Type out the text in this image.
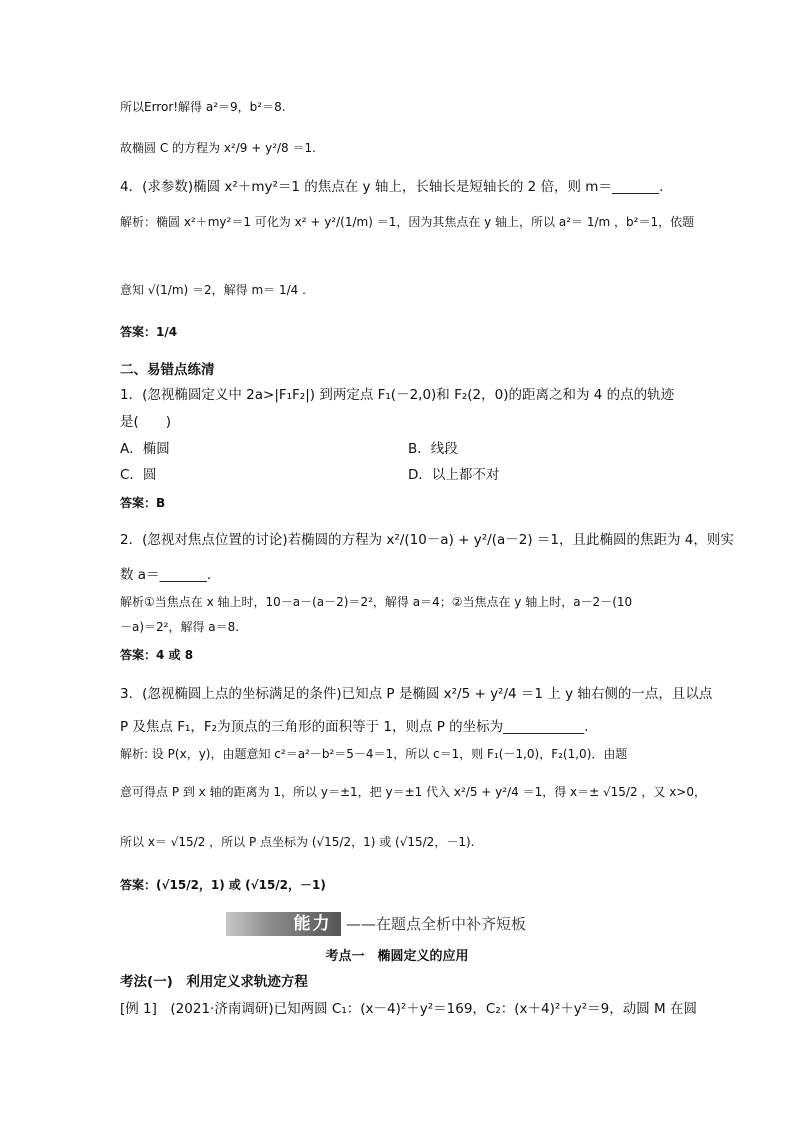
所以Error!解得 a²＝9，b²＝8.
故椭圆 C 的方程为 x²/9 + y²/8 ＝1.
4．(求参数)椭圆 x²＋my²＝1 的焦点在 y 轴上，长轴长是短轴长的 2 倍，则 m＝_______.
解析：椭圆 x²＋my²＝1 可化为 x² + y²/(1/m) ＝1，因为其焦点在 y 轴上，所以 a²＝ 1/m ，b²＝1，依题
意知 √(1/m) ＝2，解得 m＝ 1/4 .
答案：1/4
二、易错点练清
1．(忽视椭圆定义中 2a>|F₁F₂|) 到两定点 F₁(－2,0)和 F₂(2，0)的距离之和为 4 的点的轨迹
是(　　)
A．椭圆	B．线段
C．圆	D．以上都不对
答案：B
2．(忽视对焦点位置的讨论)若椭圆的方程为 x²/(10－a) + y²/(a－2) ＝1，且此椭圆的焦距为 4，则实
数 a＝_______.
解析①当焦点在 x 轴上时，10－a－(a－2)＝2²，解得 a＝4；②当焦点在 y 轴上时，a－2－(10
－a)＝2²，解得 a＝8.
答案：4 或 8
3．(忽视椭圆上点的坐标满足的条件)已知点 P 是椭圆 x²/5 + y²/4 ＝1 上 y 轴右侧的一点，且以点
P 及焦点 F₁，F₂为顶点的三角形的面积等于 1，则点 P 的坐标为____________.
解析: 设 P(x，y)，由题意知 c²＝a²－b²＝5－4＝1，所以 c＝1，则 F₁(－1,0)，F₂(1,0)．由题
意可得点 P 到 x 轴的距离为 1，所以 y＝±1，把 y＝±1 代入 x²/5 + y²/4 ＝1，得 x＝± √15/2 ，又 x>0，
所以 x＝ √15/2 ，所以 P 点坐标为 (√15/2，1) 或 (√15/2，－1).
答案：(√15/2，1) 或 (√15/2，－1)
能力 ——在题点全析中补齐短板
考点一　椭圆定义的应用
考法(一)　利用定义求轨迹方程
[例 1]　(2021·济南调研)已知两圆 C₁：(x－4)²＋y²＝169，C₂：(x＋4)²＋y²＝9，动圆 M 在圆
